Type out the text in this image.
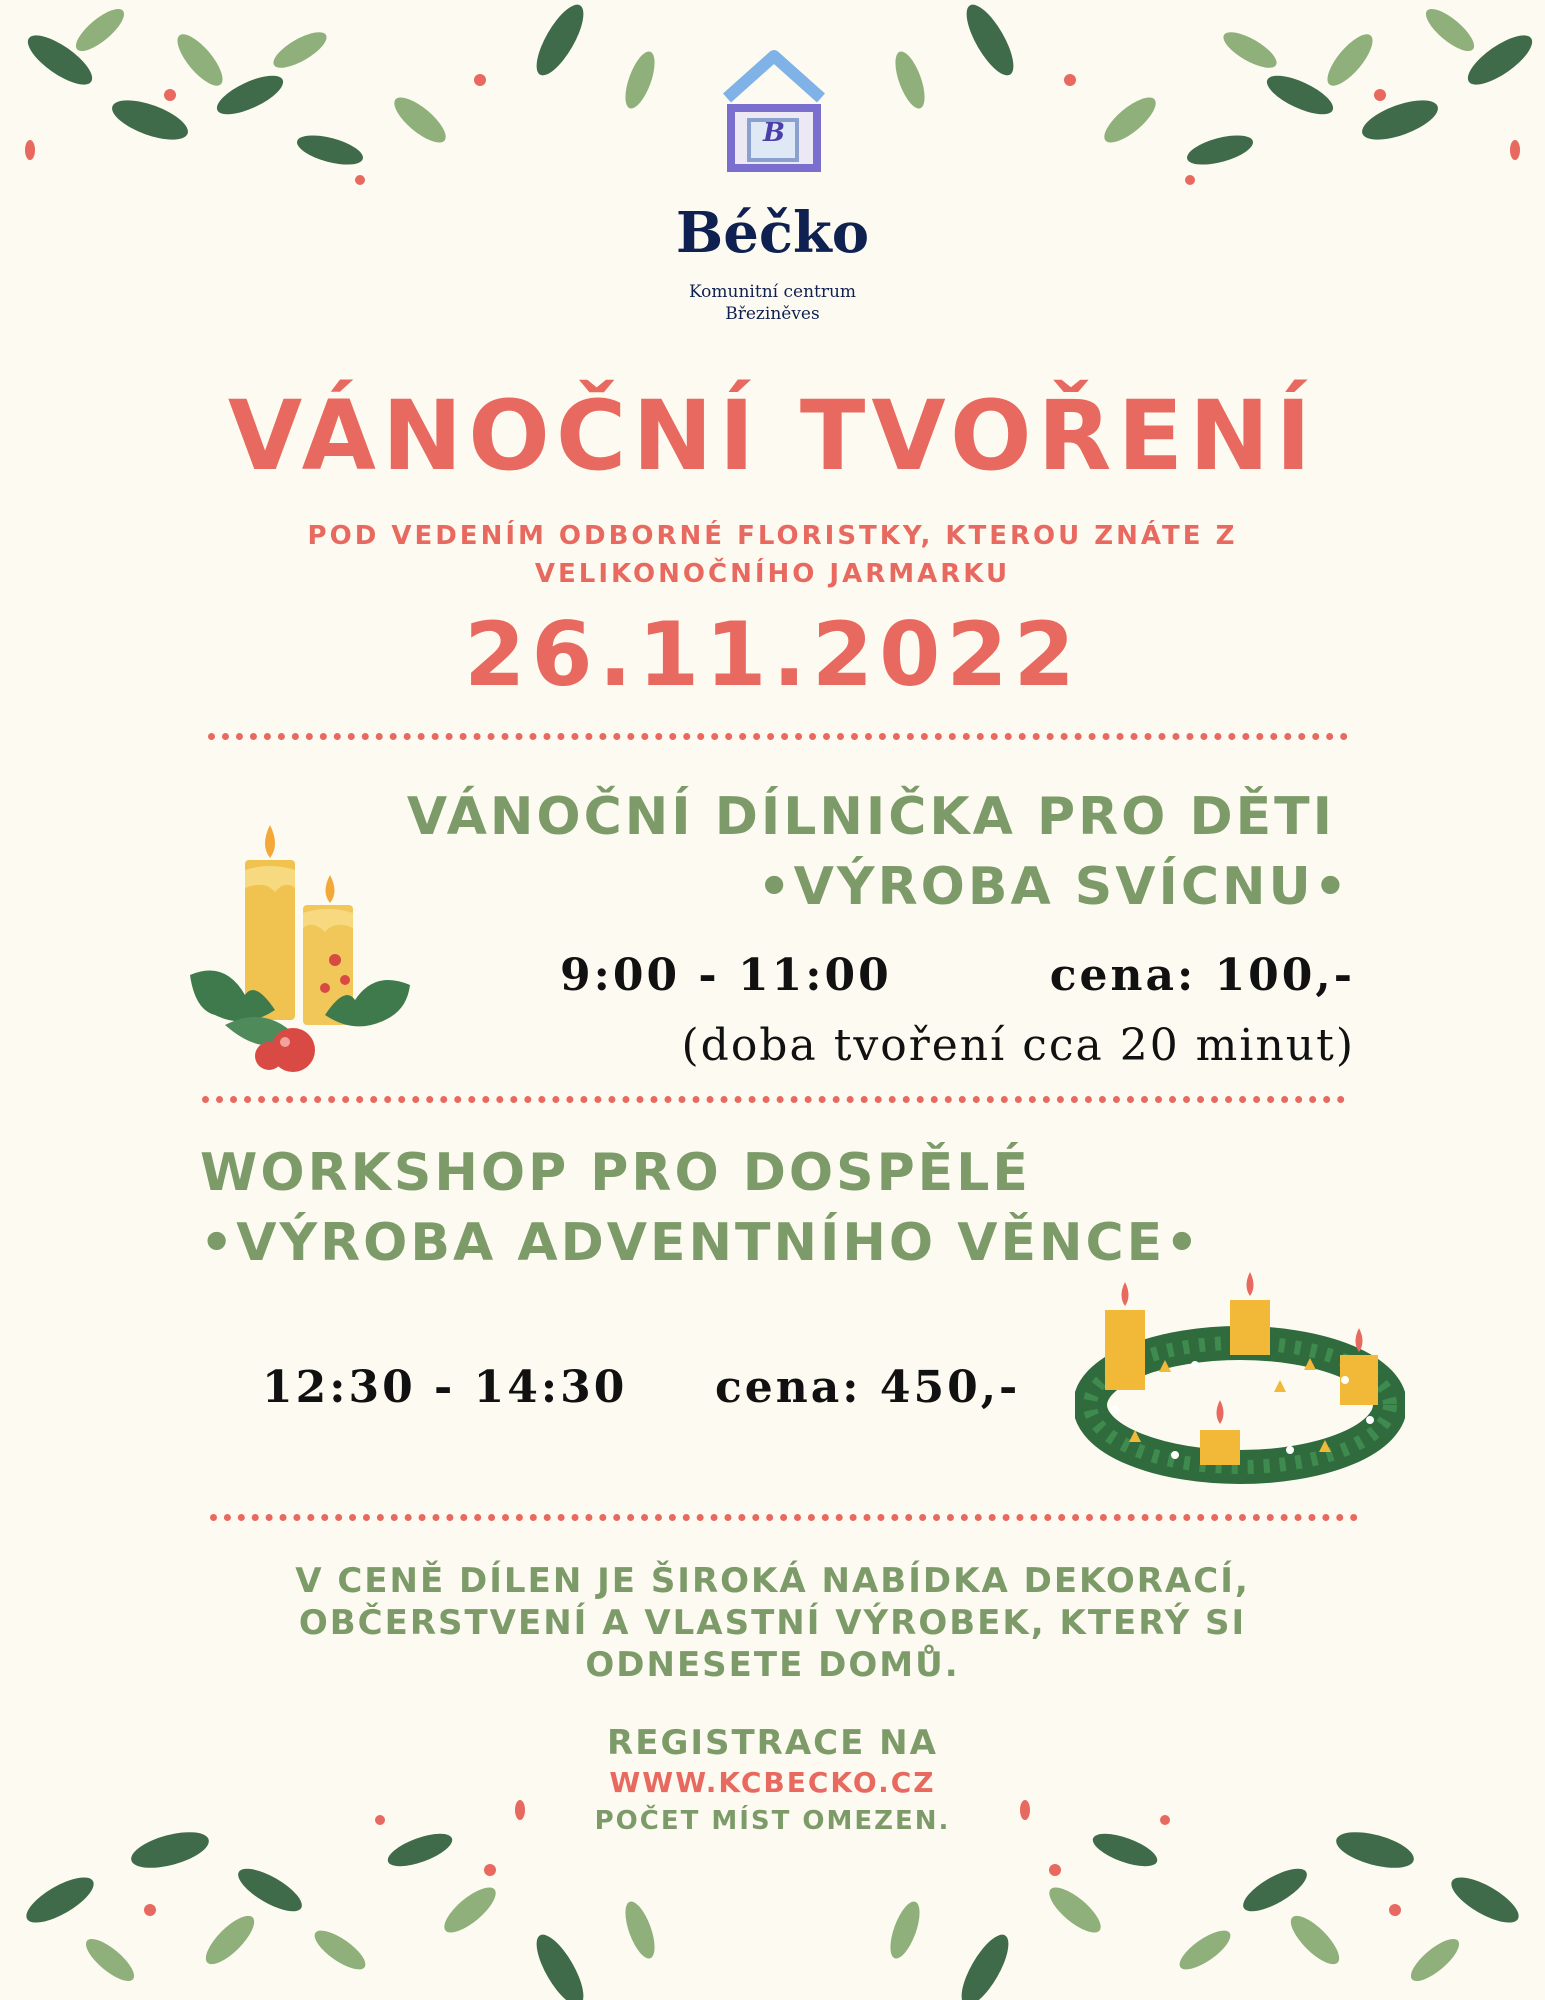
B
Béčko
Komunitní centrum
Březiněves
VÁNOČNÍ TVOŘENÍ
POD VEDENÍM ODBORNÉ FLORISTKY, KTEROU ZNÁTE Z
VELIKONOČNÍHO JARMARKU
26.11.2022
VÁNOČNÍ DÍLNIČKA PRO DĚTI
•VÝROBA SVÍCNU•
9:00 - 11:00	cena: 100,-
(doba tvoření cca 20 minut)
WORKSHOP PRO DOSPĚLÉ
•VÝROBA ADVENTNÍHO VĚNCE•
12:30 - 14:30 cena: 450,-
V CENĚ DÍLEN JE ŠIROKÁ NABÍDKA DEKORACÍ,
OBČERSTVENÍ A VLASTNÍ VÝROBEK, KTERÝ SI
ODNESETE DOMŮ.
REGISTRACE NA
WWW.KCBECKO.CZ
POČET MÍST OMEZEN.
